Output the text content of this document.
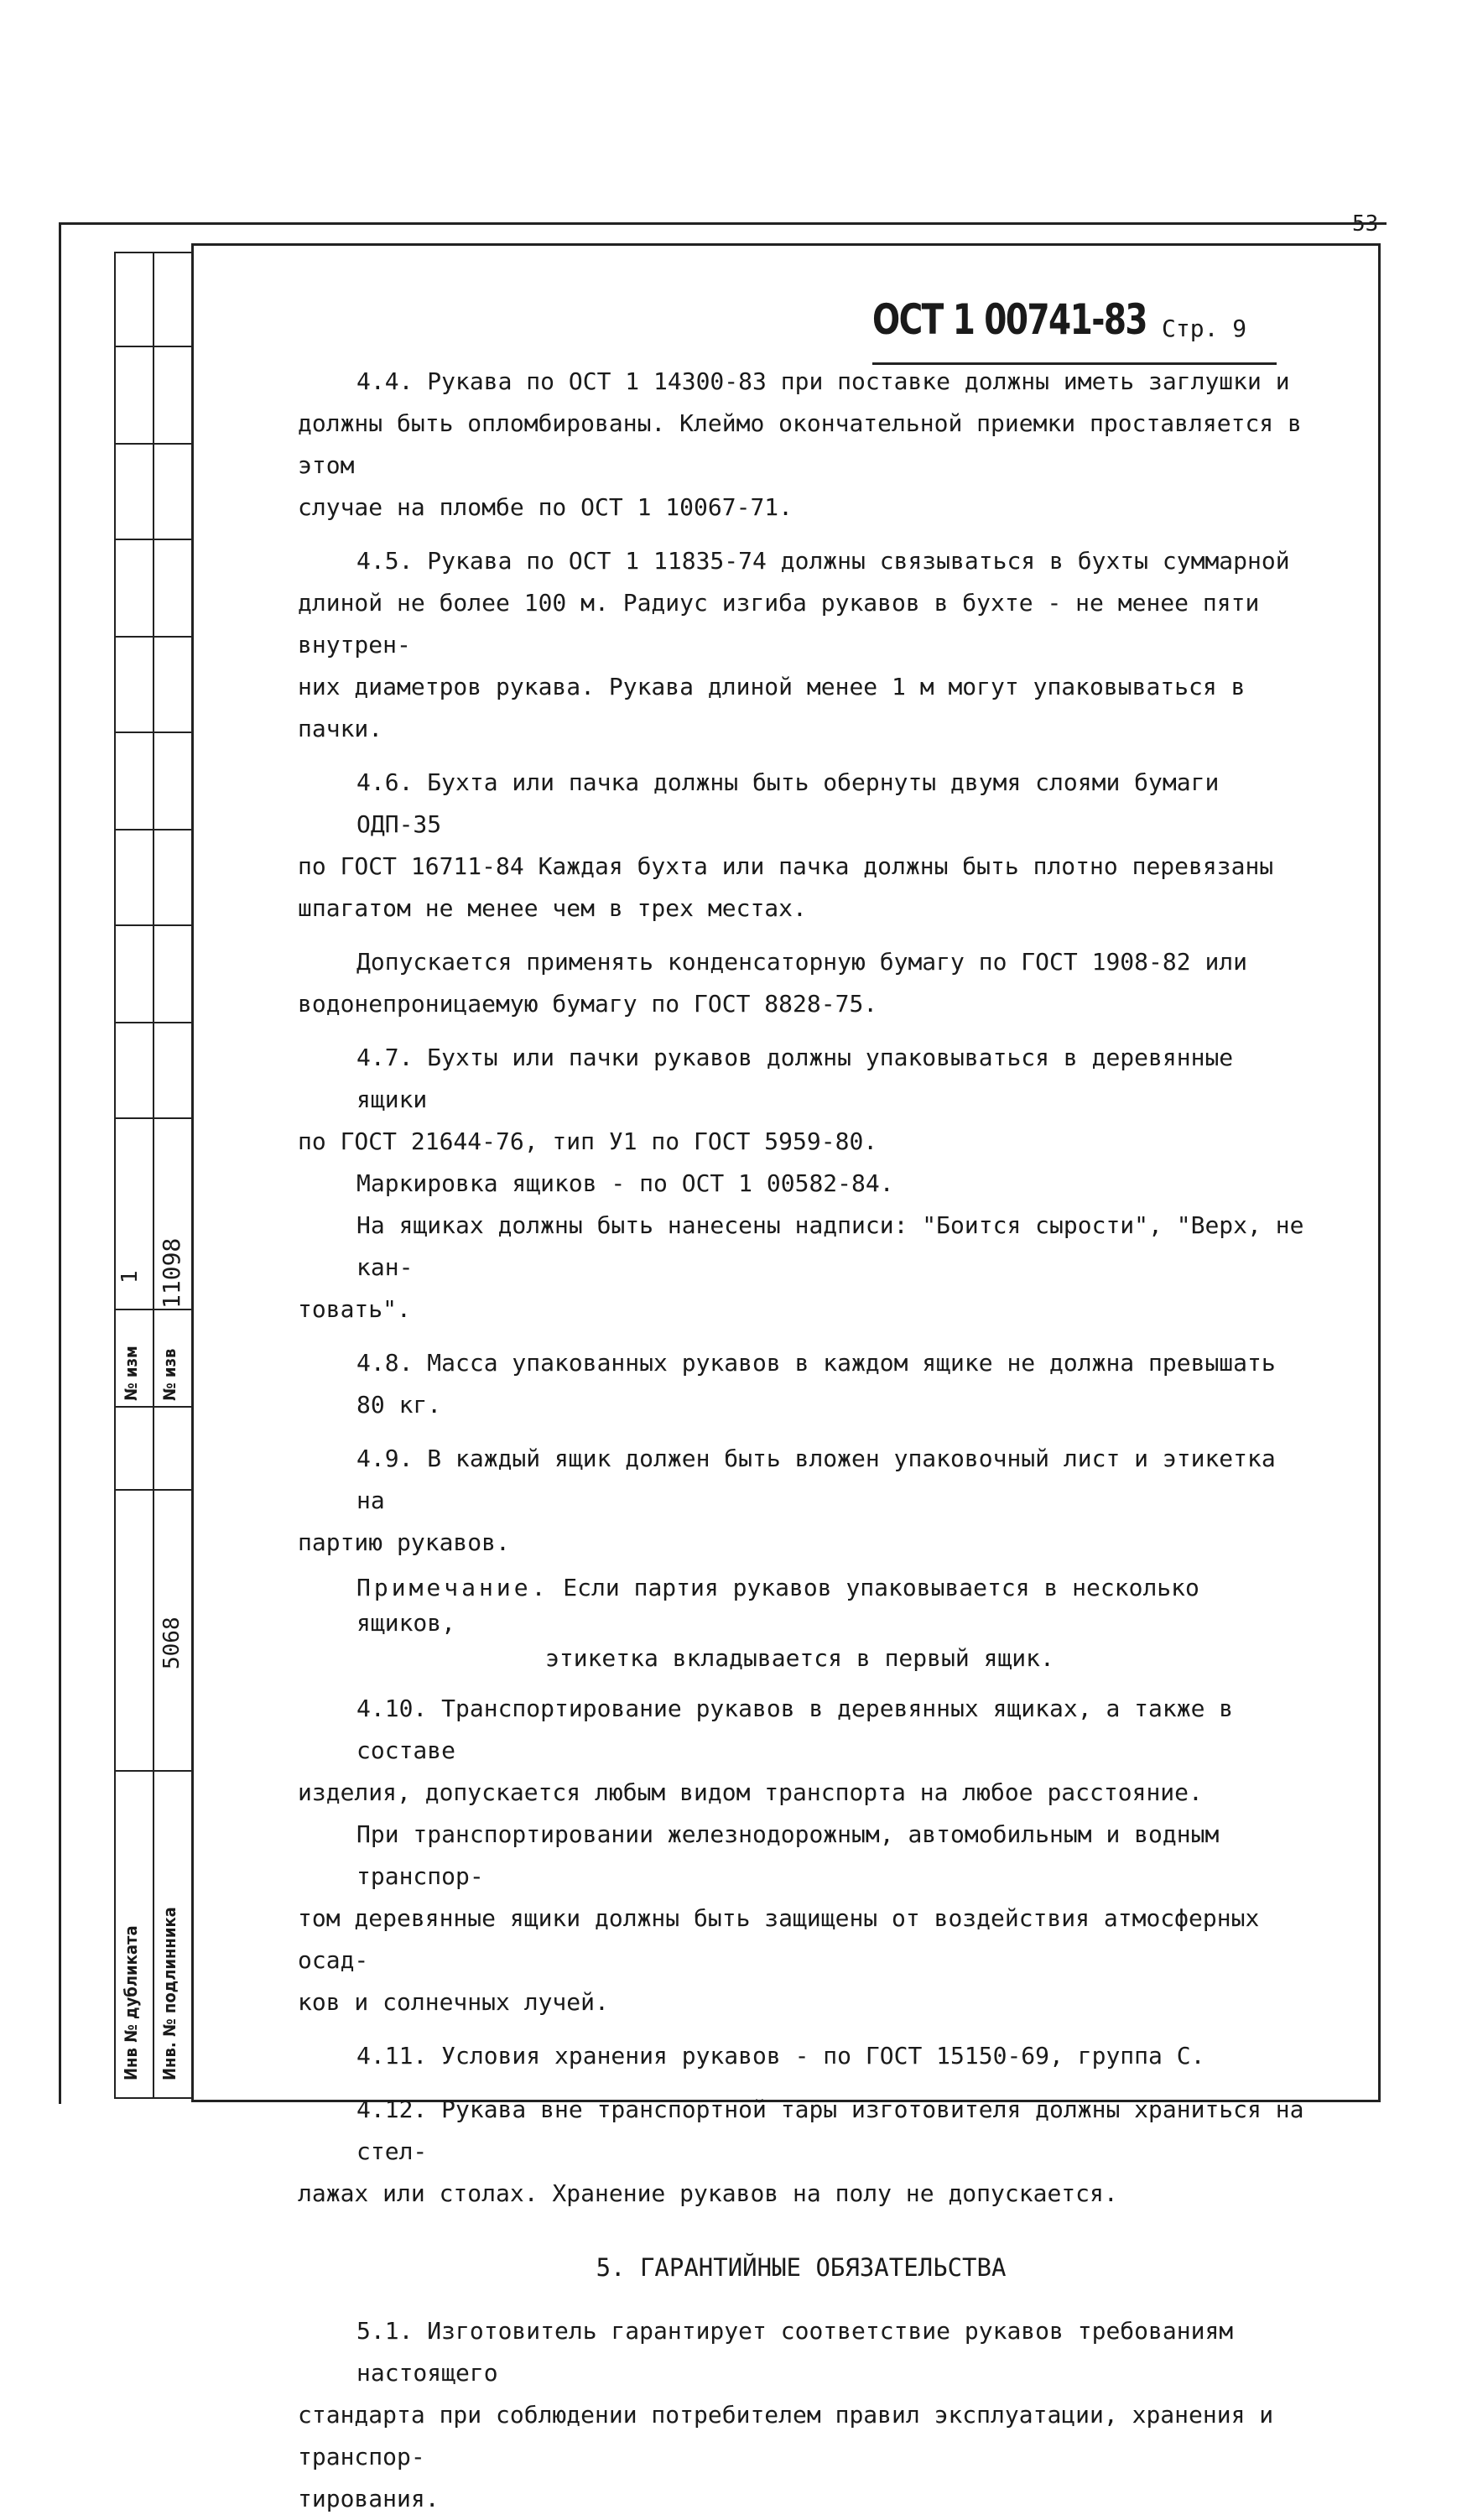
53
1 11098
№ изм № изв
5068
Инв № дубликата Инв. № подлинника
ОСТ 1 00741-83 Стр. 9
4.4. Рукава по ОСТ 1 14300-83 при поставке должны иметь заглушки и
должны быть опломбированы. Клеймо окончательной приемки проставляется в этом
случае на пломбе по ОСТ 1 10067-71.
4.5. Рукава по ОСТ 1 11835-74 должны связываться в бухты суммарной
длиной не более 100 м. Радиус изгиба рукавов в бухте - не менее пяти внутрен-
них диаметров рукава. Рукава длиной менее 1 м могут упаковываться в пачки.
4.6. Бухта или пачка должны быть обернуты двумя слоями бумаги ОДП-35
по ГОСТ 16711-84 Каждая бухта или пачка должны быть плотно перевязаны
шпагатом не менее чем в трех местах.
Допускается применять конденсаторную бумагу по ГОСТ 1908-82 или
водонепроницаемую бумагу по ГОСТ 8828-75.
4.7. Бухты или пачки рукавов должны упаковываться в деревянные ящики
по ГОСТ 21644-76, тип У1 по ГОСТ 5959-80.
Маркировка ящиков - по ОСТ 1 00582-84.
На ящиках должны быть нанесены надписи: "Боится сырости", "Верх, не кан-
товать".
4.8. Масса упакованных рукавов в каждом ящике не должна превышать 80 кг.
4.9. В каждый ящик должен быть вложен упаковочный лист и этикетка на
партию рукавов.
Примечание. Если партия рукавов упаковывается в несколько ящиков,
этикетка вкладывается в первый ящик.
4.10. Транспортирование рукавов в деревянных ящиках, а также в составе
изделия, допускается любым видом транспорта на любое расстояние.
При транспортировании железнодорожным, автомобильным и водным транспор-
том деревянные ящики должны быть защищены от воздействия атмосферных осад-
ков и солнечных лучей.
4.11. Условия хранения рукавов - по ГОСТ 15150-69, группа С.
4.12. Рукава вне транспортной тары изготовителя должны храниться на стел-
лажах или столах. Хранение рукавов на полу не допускается.
5. ГАРАНТИЙНЫЕ ОБЯЗАТЕЛЬСТВА
5.1. Изготовитель гарантирует соответствие рукавов требованиям настоящего
стандарта при соблюдении потребителем правил эксплуатации, хранения и транспор-
тирования.
